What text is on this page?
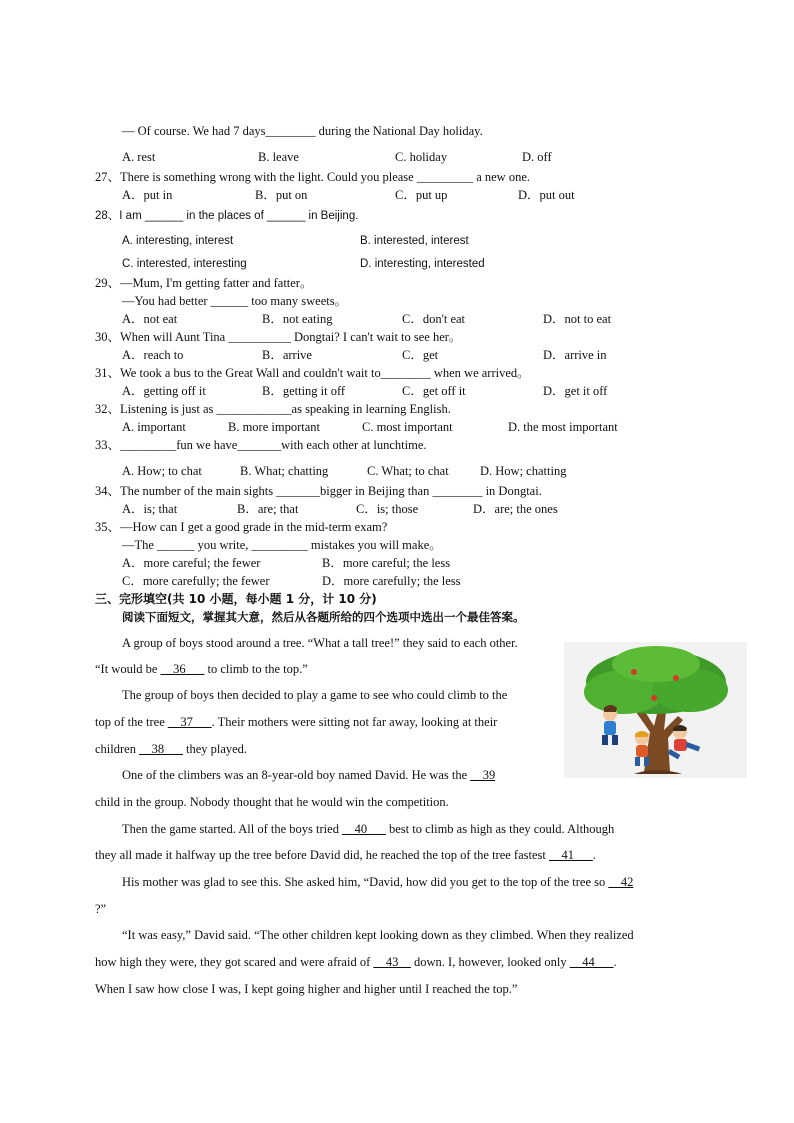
— Of course. We had 7 days________ during the National Day holiday.
A. rest	B. leave	C. holiday	D. off
27、There is something wrong with the light. Could you please _________ a new one.
A．put in	B．put on	C．put up	D．put out
28、I am ______ in the places of ______ in Beijing.
A. interesting, interest	B. interested, interest
C. interested, interesting	D. interesting, interested
29、—Mum, I'm getting fatter and fatter。
—You had better ______ too many sweets。
A．not eat	B．not eating	C．don't eat	D．not to eat
30、When will Aunt Tina __________ Dongtai? I can't wait to see her。
A．reach to	B．arrive	C．get	D．arrive in
31、We took a bus to the Great Wall and couldn't wait to________ when we arrived。
A．getting off it	B．getting it off	C．get off it	D．get it off
32、Listening is just as ____________as speaking in learning English.
A. important	B. more important	C. most important	D. the most important
33、_________fun we have_______with each other at lunchtime.
A. How; to chat	B. What; chatting	C. What; to chat	D. How; chatting
34、The number of the main sights _______bigger in Beijing than ________ in Dongtai.
A．is; that	B．are; that	C．is; those	D．are; the ones
35、—How can I get a good grade in the mid-term exam?
—The ______ you write, _________ mistakes you will make。
A．more careful; the fewer	B．more careful; the less
C．more carefully; the fewer	D．more carefully; the less
三、完形填空(共 10 小题，每小题 1 分，计 10 分)
阅读下面短文，掌握其大意，然后从各题所给的四个选项中选出一个最佳答案。
A group of boys stood around a tree. “What a tall tree!” they said to each other.
“It would be __36___ to climb to the top.”
The group of boys then decided to play a game to see who could climb to the
top of the tree __37___. Their mothers were sitting not far away, looking at their
children __38___ they played.
One of the climbers was an 8-year-old boy named David. He was the __39
child in the group. Nobody thought that he would win the competition.
Then the game started. All of the boys tried __40___ best to climb as high as they could. Although
they all made it halfway up the tree before David did, he reached the top of the tree fastest __41___.
His mother was glad to see this. She asked him, “David, how did you get to the top of the tree so __42
?”
“It was easy,” David said. “The other children kept looking down as they climbed. When they realized
how high they were, they got scared and were afraid of __43__ down. I, however, looked only __44___.
When I saw how close I was, I kept going higher and higher until I reached the top.”
